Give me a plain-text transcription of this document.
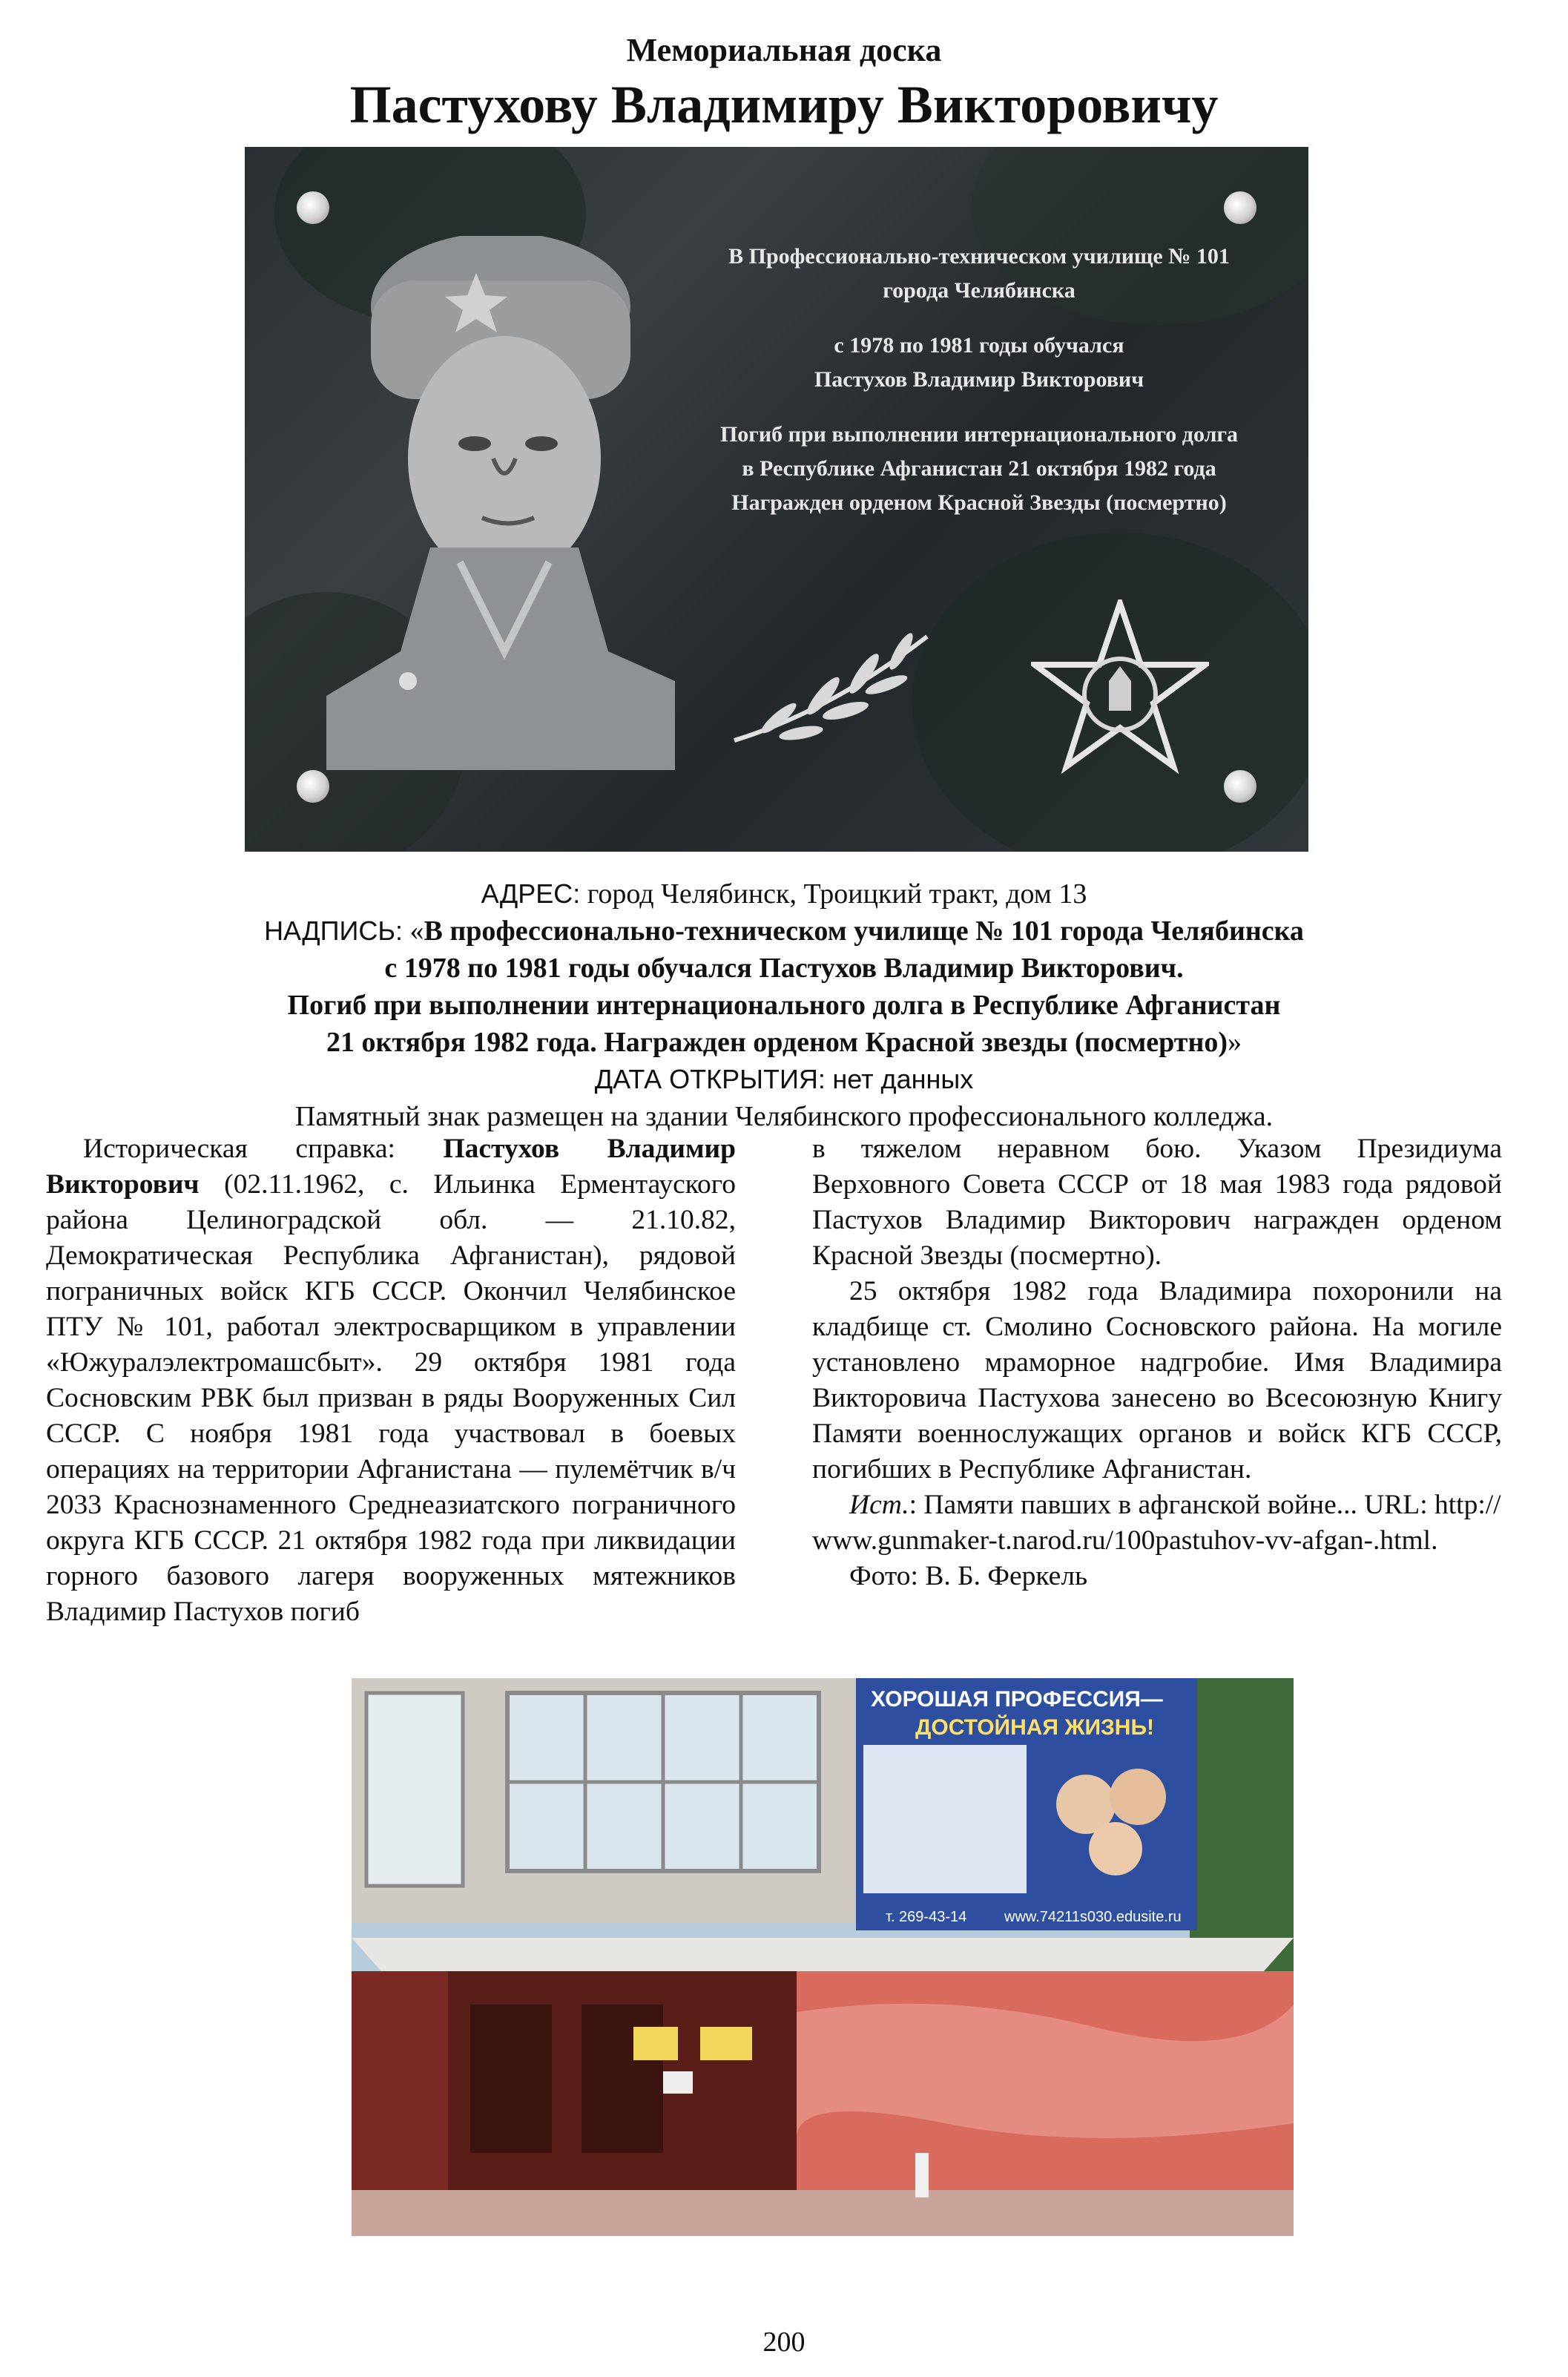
Мемориальная доска
Пастухову Владимиру Викторовичу

В Профессионально-техническом училище № 101
города Челябинска

с 1978 по 1981 годы обучался
Пастухов Владимир Викторович

Погиб при выполнении интернационального долга
в Республике Афганистан 21 октября 1982 года
Награжден орденом Красной Звезды (посмертно)

АДРЕС: город Челябинск, Троицкий тракт, дом 13
НАДПИСЬ: «В профессионально-техническом училище № 101 города Челябинска
с 1978 по 1981 годы обучался Пастухов Владимир Викторович.
Погиб при выполнении интернационального долга в Республике Афганистан
21 октября 1982 года. Награжден орденом Красной звезды (посмертно)»
ДАТА ОТКРЫТИЯ: нет данных
Памятный знак размещен на здании Челябинского профессионального колледжа.

Историческая справка: Пастухов Владимир Викторович (02.11.1962, с. Ильинка Ерментауского района Целиноградской обл. — 21.10.82, Демократическая Республика Афганистан), рядовой пограничных войск КГБ СССР. Окончил Челябинское ПТУ № 101, работал электросварщиком в управлении «Южуралэлектромашсбыт». 29 октября 1981 года Сосновским РВК был призван в ряды Вооруженных Сил СССР. С ноября 1981 года участвовал в боевых операциях на территории Афганистана — пулемётчик в/ч 2033 Краснознаменного Среднеазиатского пограничного округа КГБ СССР. 21 октября 1982 года при ликвидации горного базового лагеря вооруженных мятежников Владимир Пастухов погиб

в тяжелом неравном бою. Указом Президиума Верховного Совета СССР от 18 мая 1983 года рядовой Пастухов Владимир Викторович награжден орденом Красной Звезды (посмертно).

25 октября 1982 года Владимира похоронили на кладбище ст. Смолино Сосновского района. На могиле установлено мраморное надгробие. Имя Владимира Викторовича Пастухова занесено во Всесоюзную Книгу Памяти военнослужащих органов и войск КГБ СССР, погибших в Республике Афганистан.

Ист.: Памяти павших в афганской войне... URL: http://www.gunmaker-t.narod.ru/100pastuhov-vv-afgan-.html.

Фото: В. Б. Феркель

ХОРОШАЯ ПРОФЕССИЯ—
ДОСТОЙНАЯ ЖИЗНЬ!
т. 269-43-14	www.74211s030.edusite.ru
200
